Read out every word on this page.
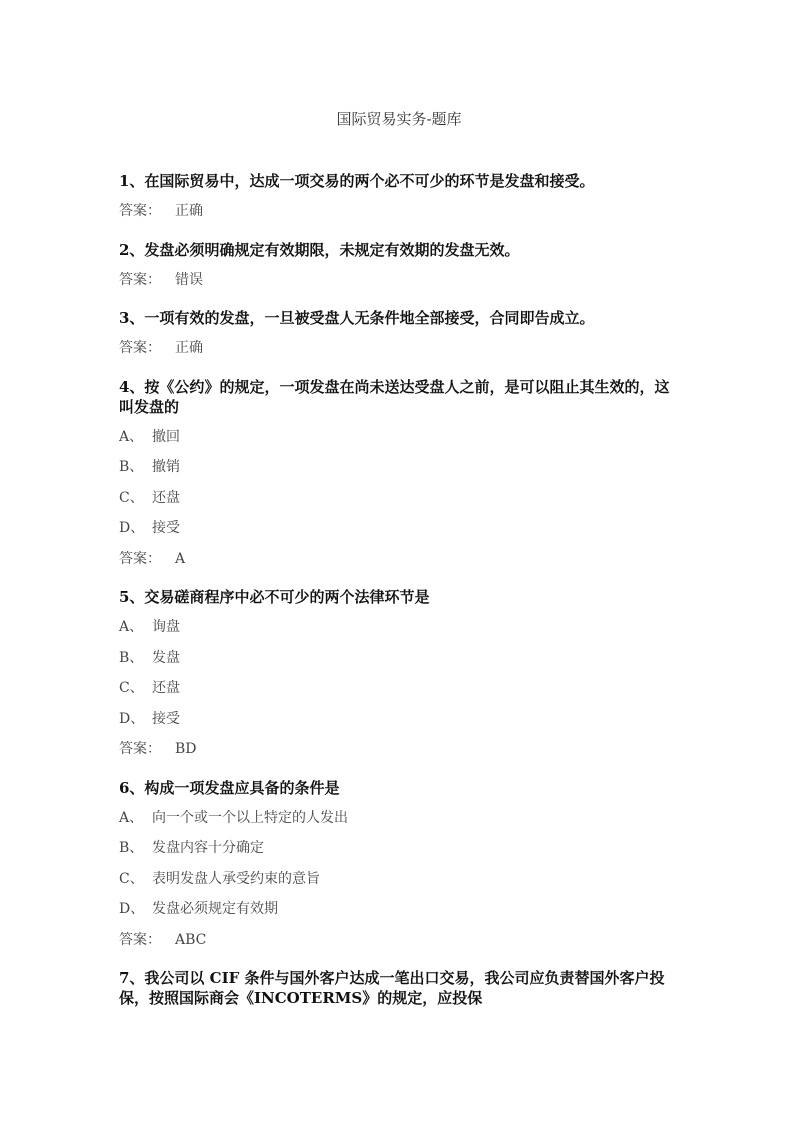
国际贸易实务-题库
1、在国际贸易中，达成一项交易的两个必不可少的环节是发盘和接受。
答案： 正确
2、发盘必须明确规定有效期限，未规定有效期的发盘无效。
答案： 错误
3、一项有效的发盘，一旦被受盘人无条件地全部接受，合同即告成立。
答案： 正确
4、按《公约》的规定，一项发盘在尚未送达受盘人之前，是可以阻止其生效的，这叫发盘的
A、 撤回
B、 撤销
C、 还盘
D、 接受
答案： A
5、交易磋商程序中必不可少的两个法律环节是
A、 询盘
B、 发盘
C、 还盘
D、 接受
答案： BD
6、构成一项发盘应具备的条件是
A、 向一个或一个以上特定的人发出
B、 发盘内容十分确定
C、 表明发盘人承受约束的意旨
D、 发盘必须规定有效期
答案： ABC
7、我公司以 CIF 条件与国外客户达成一笔出口交易，我公司应负责替国外客户投保，按照国际商会《INCOTERMS》的规定，应投保
